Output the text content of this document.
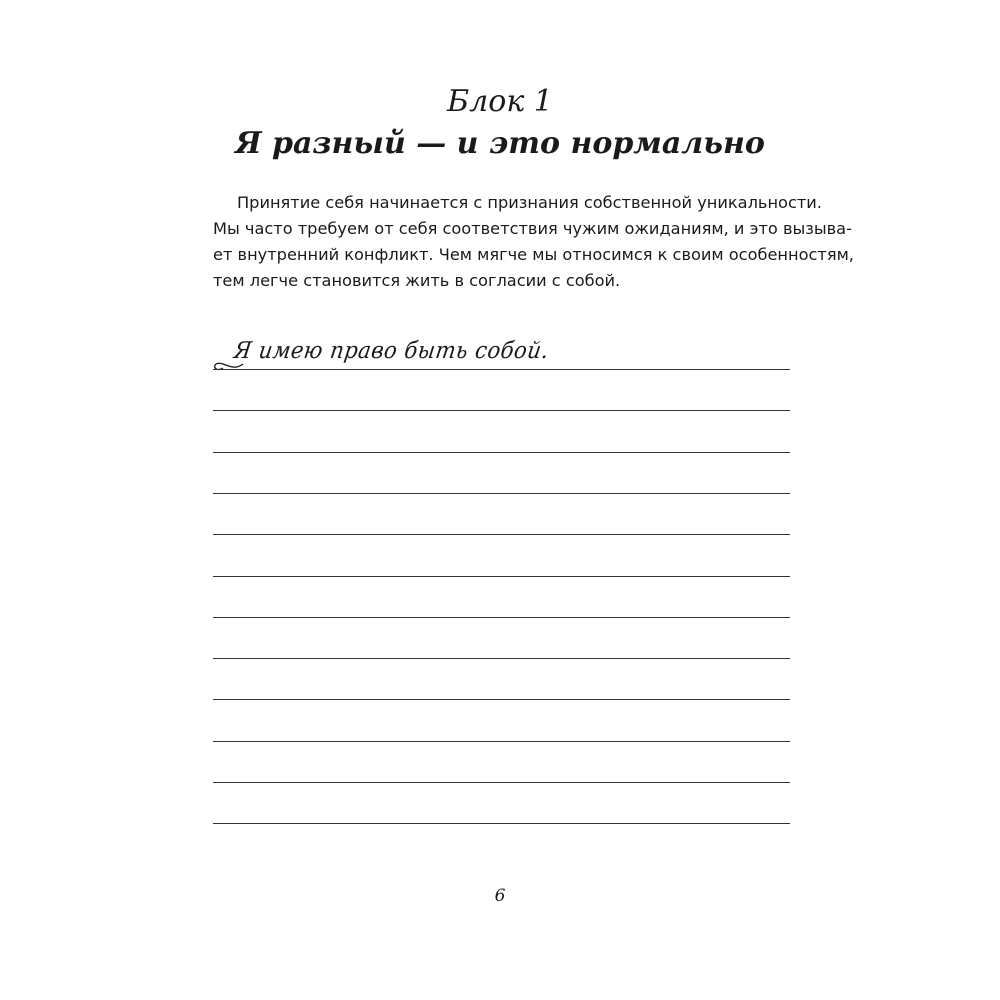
Блок 1
Я разный — и это нормально

Принятие себя начинается с признания собственной уникальности.
Мы часто требуем от себя соответствия чужим ожиданиям, и это вызыва-
ет внутренний конфликт. Чем мягче мы относимся к своим особенностям,
тем легче становится жить в согласии с собой.

Я имею право быть собой.
6
